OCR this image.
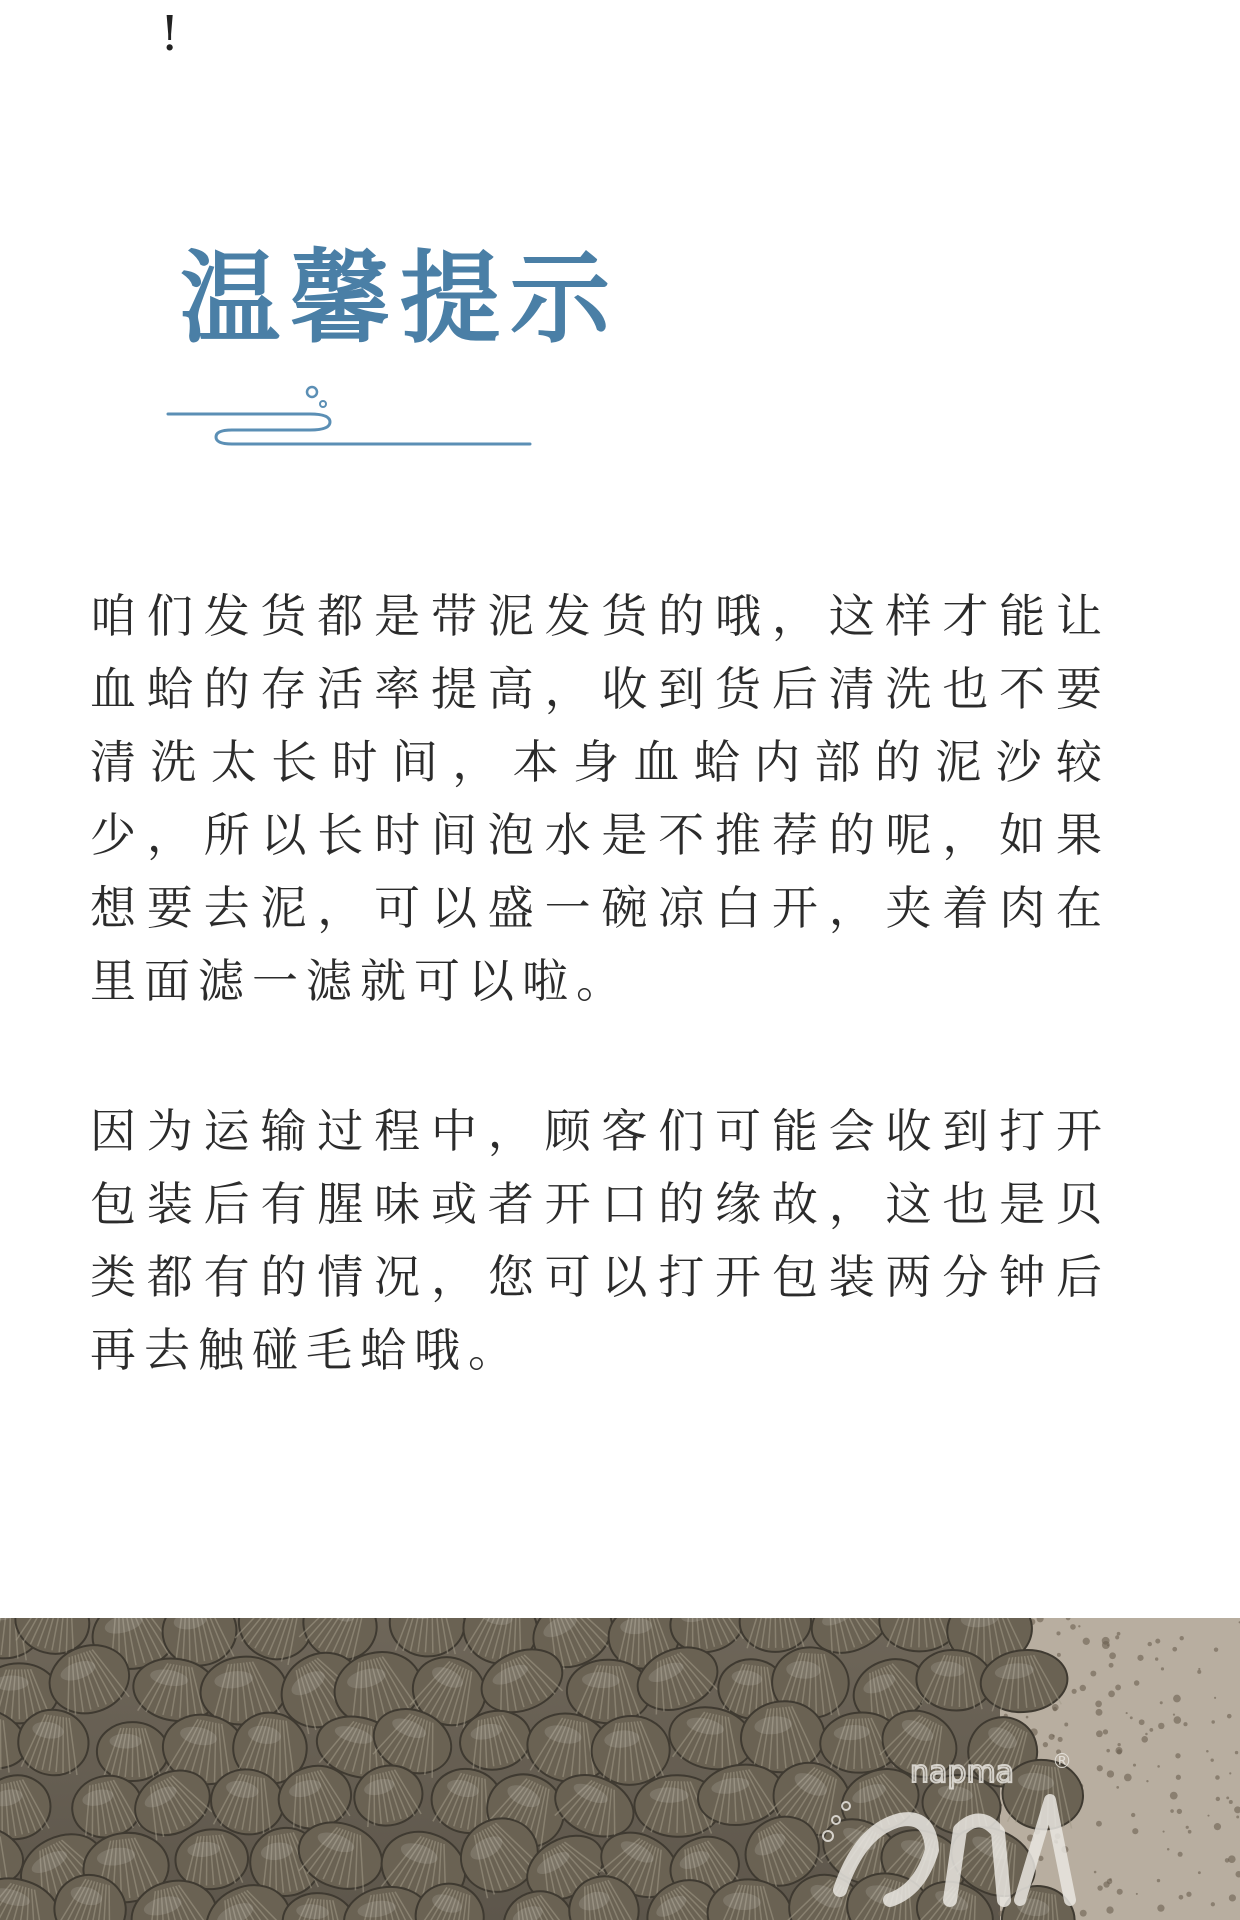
!
温馨提示

咱们发货都是带泥发货的哦，这样才能让血蛤的存活率提高，收到货后清洗也不要清洗太长时间，本身血蛤内部的泥沙较少，所以长时间泡水是不推荐的呢，如果想要去泥，可以盛一碗凉白开，夹着肉在里面滤一滤就可以啦。

因为运输过程中，顾客们可能会收到打开包装后有腥味或者开口的缘故，这也是贝类都有的情况，您可以打开包装两分钟后再去触碰毛蛤哦。

napma ®
anka
